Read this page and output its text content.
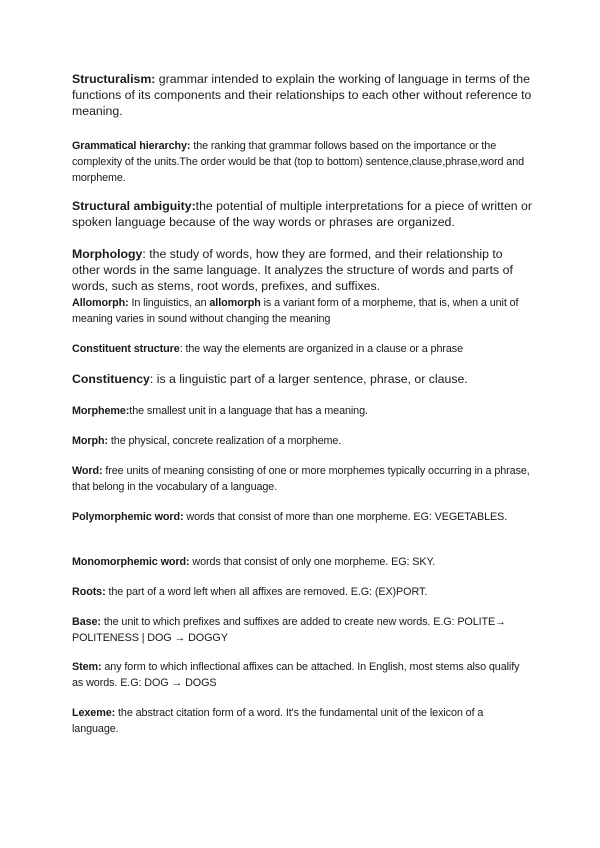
Structuralism: grammar intended to explain the working of language in terms of the functions of its components and their relationships to each other without reference to meaning.

Grammatical hierarchy: the ranking that grammar follows based on the importance or the complexity of the units.The order would be that (top to bottom) sentence,clause,phrase,word and morpheme.

Structural ambiguity:the potential of multiple interpretations for a piece of written or spoken language because of the way words or phrases are organized.

Morphology: the study of words, how they are formed, and their relationship to other words in the same language. It analyzes the structure of words and parts of words, such as stems, root words, prefixes, and suffixes.

Allomorph: In linguistics, an allomorph is a variant form of a morpheme, that is, when a unit of meaning varies in sound without changing the meaning

Constituent structure: the way the elements are organized in a clause or a phrase

Constituency: is a linguistic part of a larger sentence, phrase, or clause.

Morpheme:the smallest unit in a language that has a meaning.

Morph: the physical, concrete realization of a morpheme.

Word: free units of meaning consisting of one or more morphemes typically occurring in a phrase, that belong in the vocabulary of a language.

Polymorphemic word: words that consist of more than one morpheme. EG: VEGETABLES.

Monomorphemic word: words that consist of only one morpheme. EG: SKY.

Roots: the part of a word left when all affixes are removed. E.G: (EX)PORT.

Base: the unit to which prefixes and suffixes are added to create new words. E.G: POLITE→ POLITENESS | DOG → DOGGY

Stem: any form to which inflectional affixes can be attached. In English, most stems also qualify as words. E.G: DOG → DOGS

Lexeme: the abstract citation form of a word. It's the fundamental unit of the lexicon of a language.
